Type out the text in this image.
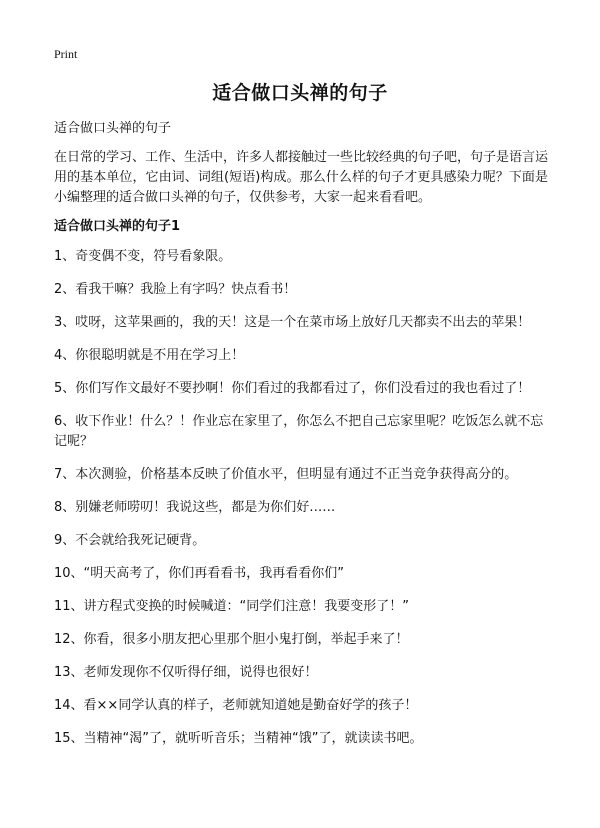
Print
适合做口头禅的句子
适合做口头禅的句子
在日常的学习、工作、生活中，许多人都接触过一些比较经典的句子吧，句子是语言运用的基本单位，它由词、词组(短语)构成。那么什么样的句子才更具感染力呢？下面是小编整理的适合做口头禅的句子，仅供参考，大家一起来看看吧。
适合做口头禅的句子1
1、奇变偶不变，符号看象限。
2、看我干嘛？我脸上有字吗？快点看书！
3、哎呀，这苹果画的，我的天！这是一个在菜市场上放好几天都卖不出去的苹果！
4、你很聪明就是不用在学习上！
5、你们写作文最好不要抄啊！你们看过的我都看过了，你们没看过的我也看过了！
6、收下作业！什么？！作业忘在家里了，你怎么不把自己忘家里呢？吃饭怎么就不忘记呢？
7、本次测验，价格基本反映了价值水平，但明显有通过不正当竞争获得高分的。
8、别嫌老师唠叨！我说这些，都是为你们好……
9、不会就给我死记硬背。
10、“明天高考了，你们再看看书，我再看看你们”
11、讲方程式变换的时候喊道：“同学们注意！我要变形了！”
12、你看，很多小朋友把心里那个胆小鬼打倒，举起手来了！
13、老师发现你不仅听得仔细，说得也很好！
14、看××同学认真的样子，老师就知道她是勤奋好学的孩子！
15、当精神“渴”了，就听听音乐；当精神“饿”了，就读读书吧。
